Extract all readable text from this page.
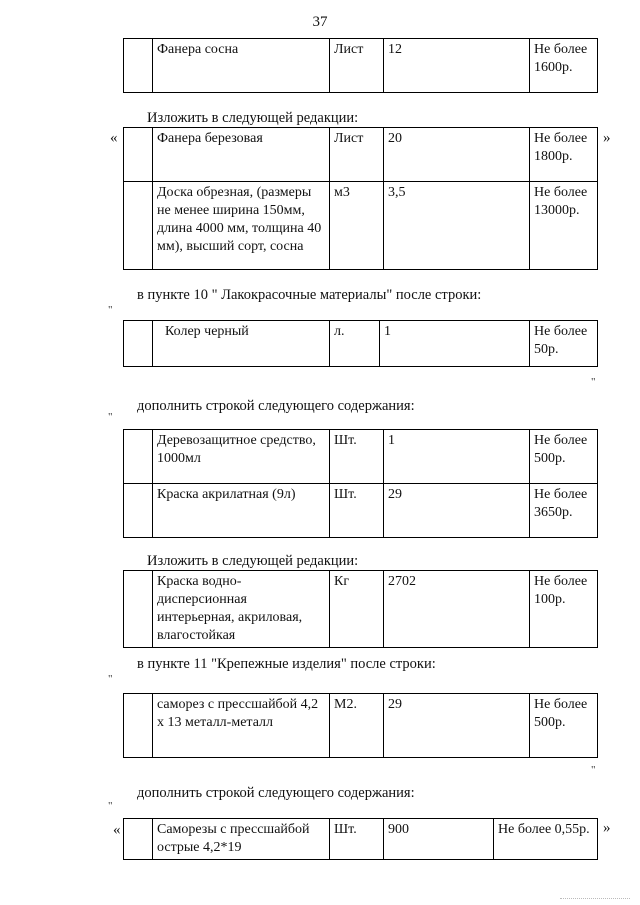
37
	Фанера сосна	Лист	12	Не более 1600р.
Изложить в следующей редакции:
«	»
	Фанера березовая	Лист	20	Не более 1800р.
	Доска обрезная, (размеры не менее ширина 150мм, длина 4000 мм, толщина 40 мм), высший сорт, сосна	м3	3,5	Не более 13000р.
в пункте 10 " Лакокрасочные материалы" после строки:
"
"
	Колер черный	л.	1	Не более 50р.
дополнить строкой следующего содержания:
"
	Деревозащитное средство, 1000мл	Шт.	1	Не более 500р.
	Краска акрилатная (9л)	Шт.	29	Не более 3650р.
Изложить в следующей редакции:
	Краска воднодисперсионная интерьерная, акриловая, влагостойкая	Кг	2702	Не более 100р.
в пункте 11 "Крепежные изделия" после строки:
"
"
	саморез с прессшайбой 4,2 х 13 металл-металл	М2.	29	Не более 500р.
дополнить строкой следующего содержания:
"
«	»
	Саморезы с прессшайбой острые 4,2*19	Шт.	900	Не более 0,55р.
